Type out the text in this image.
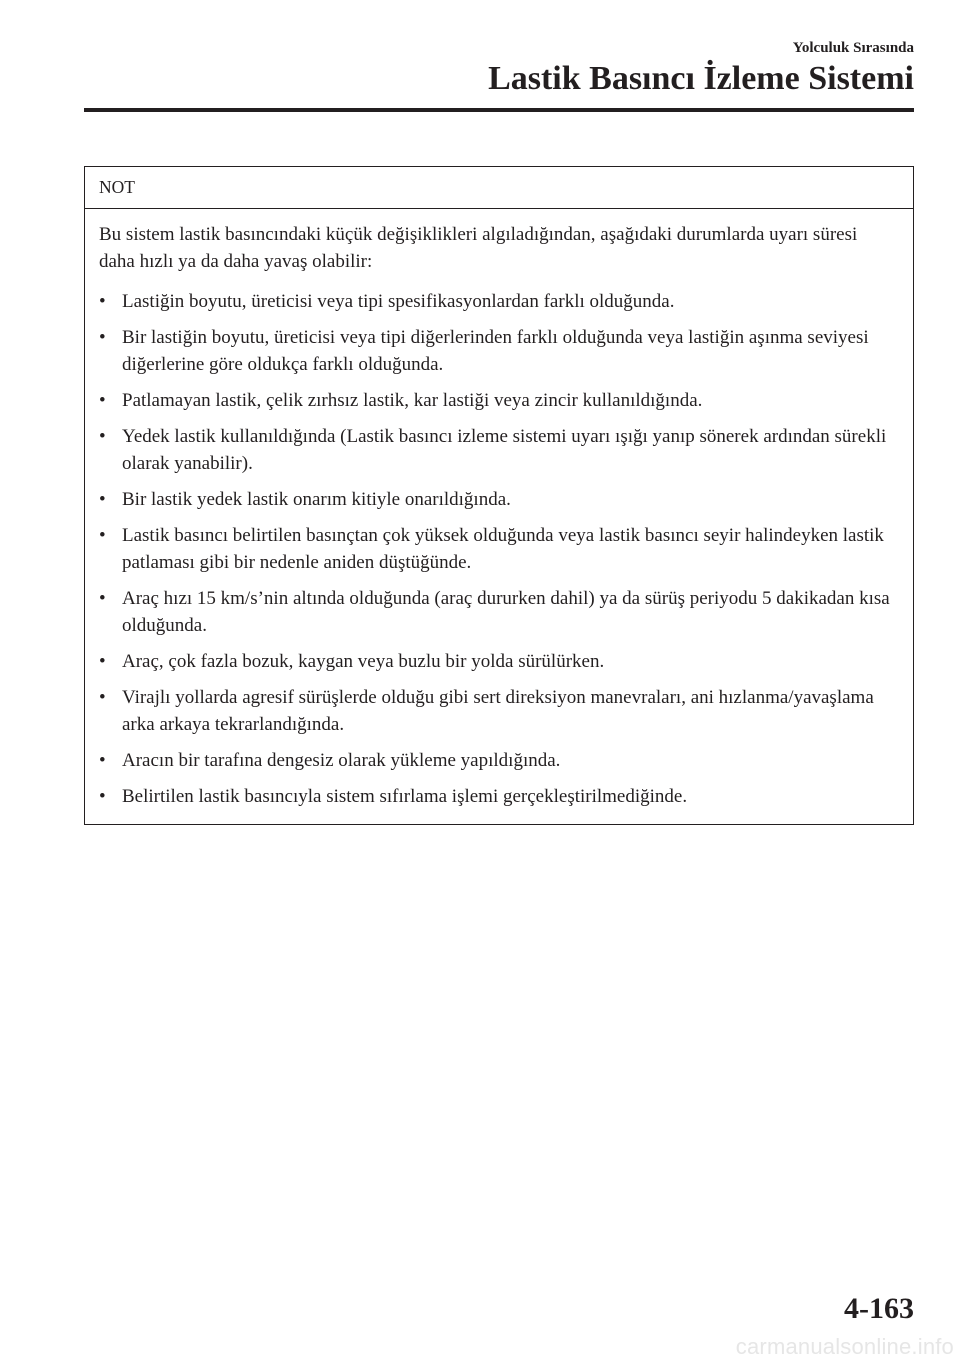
Yolculuk Sırasında
Lastik Basıncı İzleme Sistemi
NOT
Bu sistem lastik basıncındaki küçük değişiklikleri algıladığından, aşağıdaki durumlarda uyarı süresi daha hızlı ya da daha yavaş olabilir:
• Lastiğin boyutu, üreticisi veya tipi spesifikasyonlardan farklı olduğunda.
• Bir lastiğin boyutu, üreticisi veya tipi diğerlerinden farklı olduğunda veya lastiğin aşınma seviyesi diğerlerine göre oldukça farklı olduğunda.
• Patlamayan lastik, çelik zırhsız lastik, kar lastiği veya zincir kullanıldığında.
• Yedek lastik kullanıldığında (Lastik basıncı izleme sistemi uyarı ışığı yanıp sönerek ardından sürekli olarak yanabilir).
• Bir lastik yedek lastik onarım kitiyle onarıldığında.
• Lastik basıncı belirtilen basınçtan çok yüksek olduğunda veya lastik basıncı seyir halindeyken lastik patlaması gibi bir nedenle aniden düştüğünde.
• Araç hızı 15 km/s’nin altında olduğunda (araç dururken dahil) ya da sürüş periyodu 5 dakikadan kısa olduğunda.
• Araç, çok fazla bozuk, kaygan veya buzlu bir yolda sürülürken.
• Virajlı yollarda agresif sürüşlerde olduğu gibi sert direksiyon manevraları, ani hızlanma/yavaşlama arka arkaya tekrarlandığında.
• Aracın bir tarafına dengesiz olarak yükleme yapıldığında.
• Belirtilen lastik basıncıyla sistem sıfırlama işlemi gerçekleştirilmediğinde.
4-163
carmanualsonline.info
